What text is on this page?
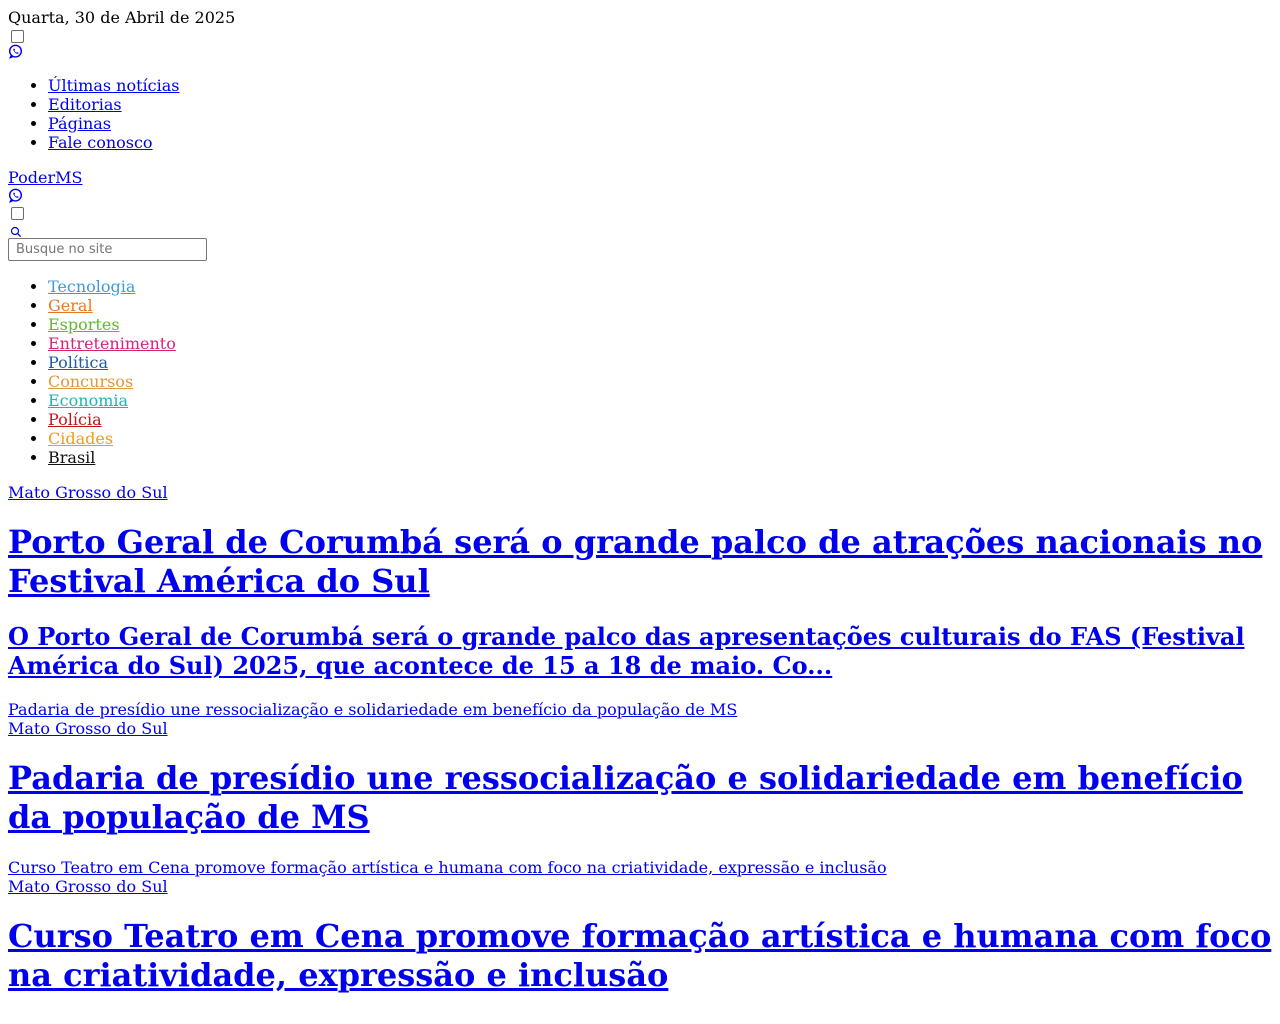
Quarta, 30 de Abril de 2025
• Últimas notícias
• Editorias
• Páginas
• Fale conosco
PoderMS
Busque no site
• Tecnologia
• Geral
• Esportes
• Entretenimento
• Política
• Concursos
• Economia
• Polícia
• Cidades
• Brasil
Mato Grosso do Sul
Porto Geral de Corumbá será o grande palco de atrações nacionais no Festival América do Sul
O Porto Geral de Corumbá será o grande palco das apresentações culturais do FAS (Festival América do Sul) 2025, que acontece de 15 a 18 de maio. Co...
Padaria de presídio une ressocialização e solidariedade em benefício da população de MS
Mato Grosso do Sul
Padaria de presídio une ressocialização e solidariedade em benefício da população de MS
Curso Teatro em Cena promove formação artística e humana com foco na criatividade, expressão e inclusão
Mato Grosso do Sul
Curso Teatro em Cena promove formação artística e humana com foco na criatividade, expressão e inclusão
